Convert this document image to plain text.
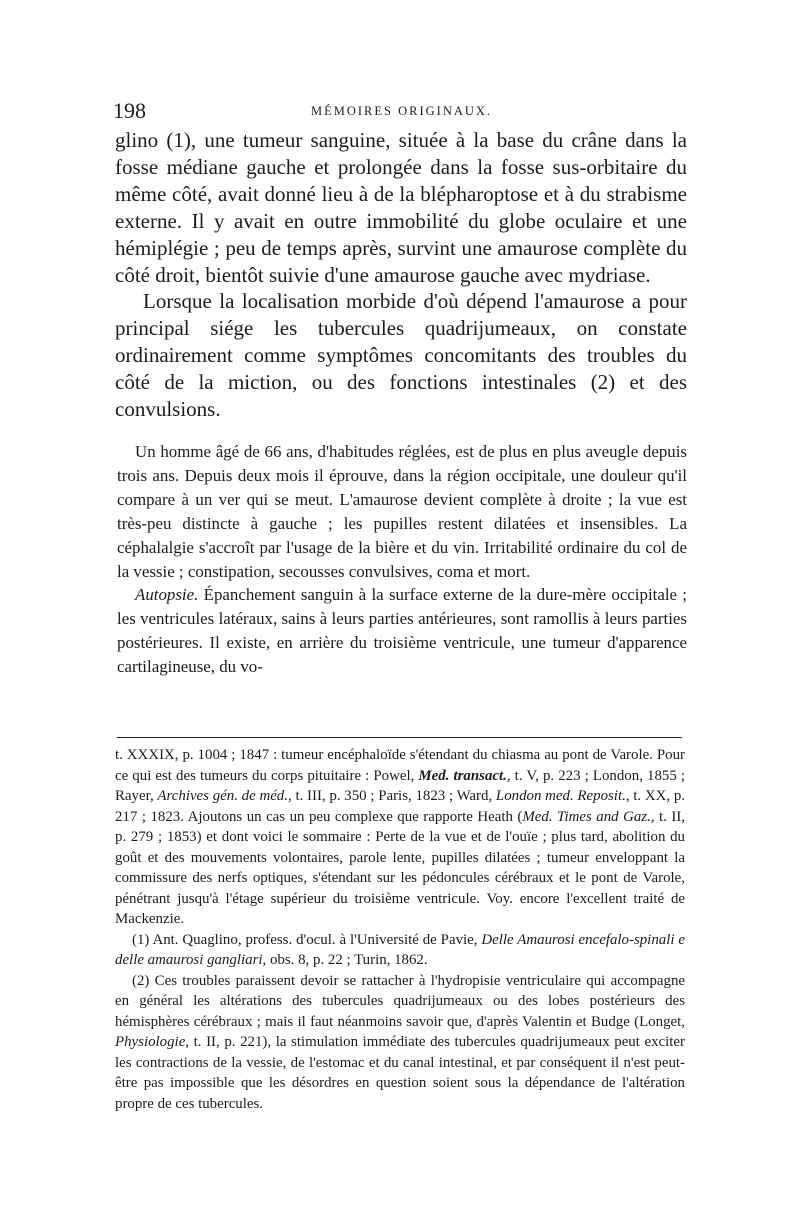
198	MÉMOIRES ORIGINAUX.

glino (1), une tumeur sanguine, située à la base du crâne dans la fosse médiane gauche et prolongée dans la fosse sus-orbitaire du même côté, avait donné lieu à de la blépharoptose et à du strabisme externe. Il y avait en outre immobilité du globe oculaire et une hémiplégie ; peu de temps après, survint une amaurose complète du côté droit, bientôt suivie d'une amaurose gauche avec mydriase.

Lorsque la localisation morbide d'où dépend l'amaurose a pour principal siége les tubercules quadrijumeaux, on constate ordinairement comme symptômes concomitants des troubles du côté de la miction, ou des fonctions intestinales (2) et des convulsions.

Un homme âgé de 66 ans, d'habitudes réglées, est de plus en plus aveugle depuis trois ans. Depuis deux mois il éprouve, dans la région occipitale, une douleur qu'il compare à un ver qui se meut. L'amaurose devient complète à droite ; la vue est très-peu distincte à gauche ; les pupilles restent dilatées et insensibles. La céphalalgie s'accroît par l'usage de la bière et du vin. Irritabilité ordinaire du col de la vessie ; constipation, secousses convulsives, coma et mort.

Autopsie. Épanchement sanguin à la surface externe de la dure-mère occipitale ; les ventricules latéraux, sains à leurs parties antérieures, sont ramollis à leurs parties postérieures. Il existe, en arrière du troisième ventricule, une tumeur d'apparence cartilagineuse, du vo-

t. XXXIX, p. 1004 ; 1847 : tumeur encéphaloïde s'étendant du chiasma au pont de Varole. Pour ce qui est des tumeurs du corps pituitaire : Powel, Med. transact., t. V, p. 223 ; London, 1855 ; Rayer, Archives gén. de méd., t. III, p. 350 ; Paris, 1823 ; Ward, London med. Reposit., t. XX, p. 217 ; 1823. Ajoutons un cas un peu complexe que rapporte Heath (Med. Times and Gaz., t. II, p. 279 ; 1853) et dont voici le sommaire : Perte de la vue et de l'ouïe ; plus tard, abolition du goût et des mouvements volontaires, parole lente, pupilles dilatées ; tumeur enveloppant la commissure des nerfs optiques, s'étendant sur les pédoncules cérébraux et le pont de Varole, pénétrant jusqu'à l'étage supérieur du troisième ventricule. Voy. encore l'excellent traité de Mackenzie.

(1) Ant. Quaglino, profess. d'ocul. à l'Université de Pavie, Delle Amaurosi encefalo-spinali e delle amaurosi gangliari, obs. 8, p. 22 ; Turin, 1862.

(2) Ces troubles paraissent devoir se rattacher à l'hydropisie ventriculaire qui accompagne en général les altérations des tubercules quadrijumeaux ou des lobes postérieurs des hémisphères cérébraux ; mais il faut néanmoins savoir que, d'après Valentin et Budge (Longet, Physiologie, t. II, p. 221), la stimulation immédiate des tubercules quadrijumeaux peut exciter les contractions de la vessie, de l'estomac et du canal intestinal, et par conséquent il n'est peut-être pas impossible que les désordres en question soient sous la dépendance de l'altération propre de ces tubercules.
